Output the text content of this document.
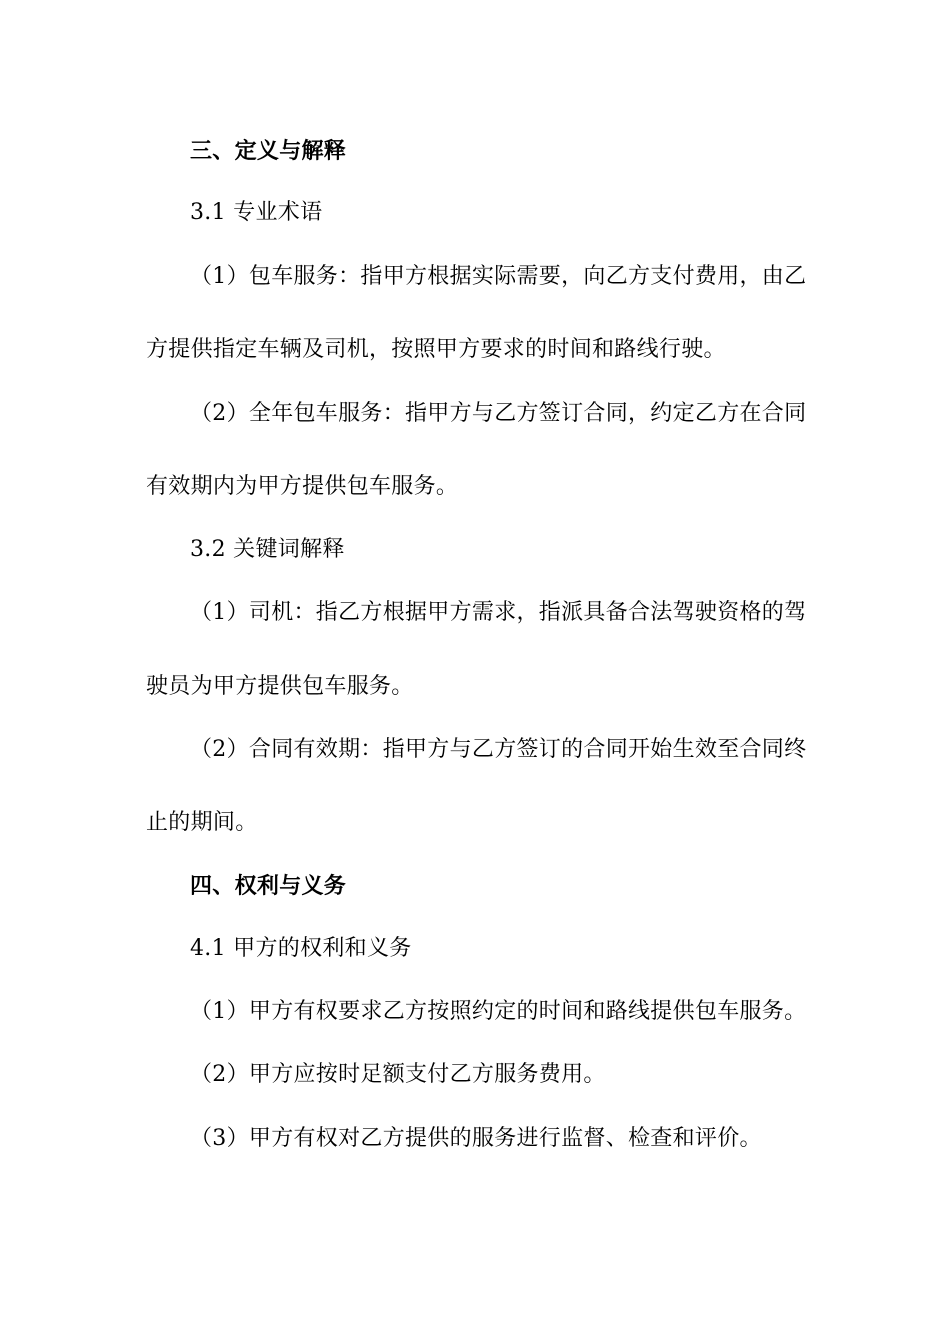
三、定义与解释
3.1 专业术语
（1）包车服务：指甲方根据实际需要，向乙方支付费用，由乙
方提供指定车辆及司机，按照甲方要求的时间和路线行驶。
（2）全年包车服务：指甲方与乙方签订合同，约定乙方在合同
有效期内为甲方提供包车服务。
3.2 关键词解释
（1）司机：指乙方根据甲方需求，指派具备合法驾驶资格的驾
驶员为甲方提供包车服务。
（2）合同有效期：指甲方与乙方签订的合同开始生效至合同终
止的期间。
四、权利与义务
4.1 甲方的权利和义务
（1）甲方有权要求乙方按照约定的时间和路线提供包车服务。
（2）甲方应按时足额支付乙方服务费用。
（3）甲方有权对乙方提供的服务进行监督、检查和评价。
